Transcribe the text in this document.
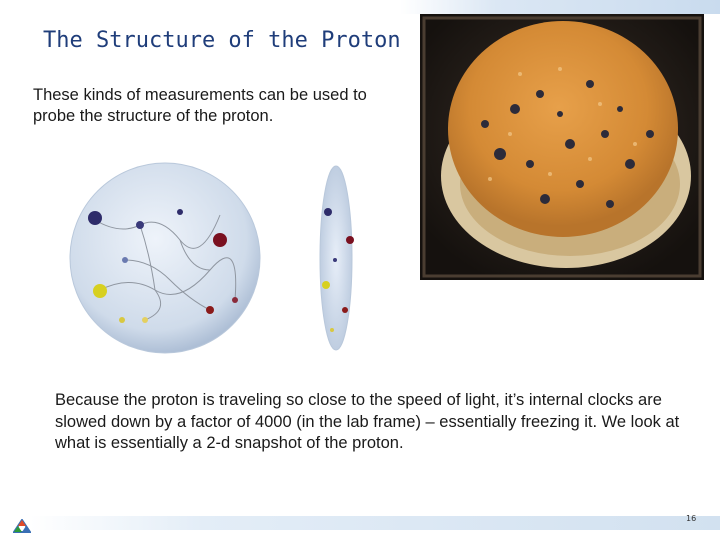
The Structure of the Proton
These kinds of measurements can be used to probe the structure of the proton.
Because the proton is traveling so close to the speed of light, it’s internal clocks are slowed down by a factor of 4000 (in the lab frame) – essentially freezing it. We look at what is essentially a 2-d snapshot of the proton.
16
